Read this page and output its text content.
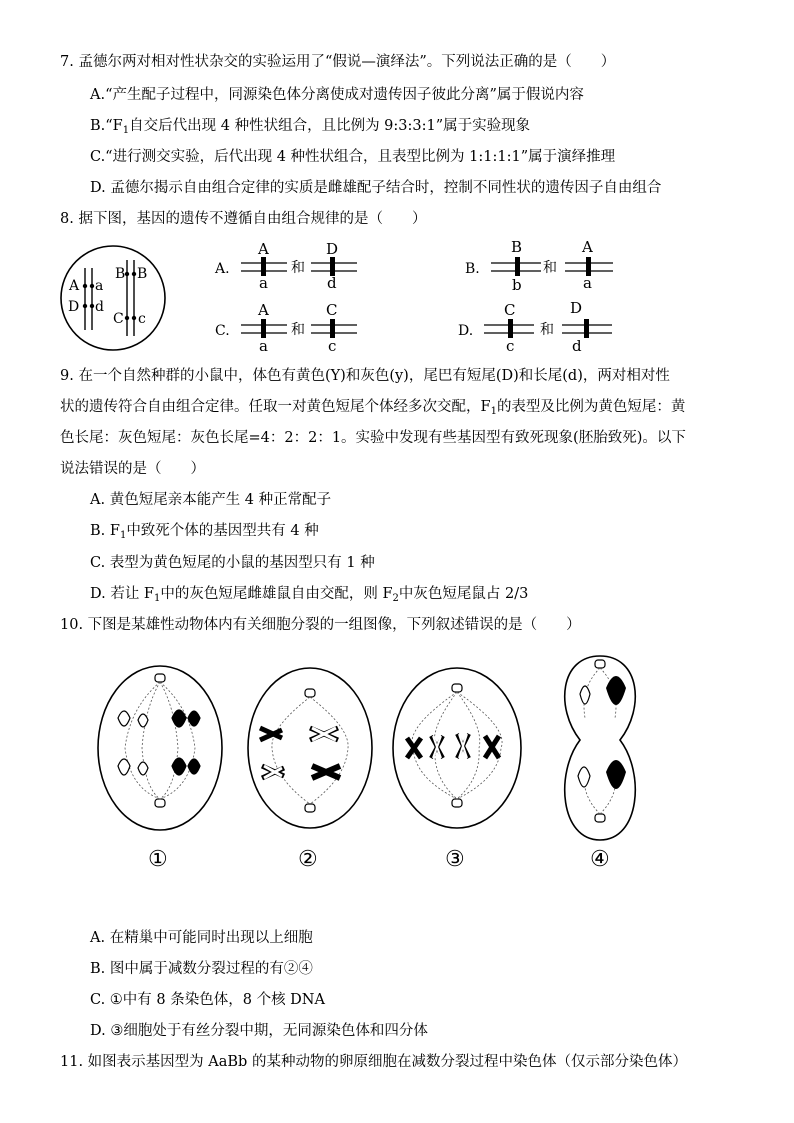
7. 孟德尔两对相对性状杂交的实验运用了“假说—演绎法”。下列说法正确的是（　　）
A.“产生配子过程中，同源染色体分离使成对遗传因子彼此分离”属于假说内容
$B.“F_1$自交后代出现 4 种性状组合，且比例为 9:3:3:1”属于实验现象
C.“进行测交实验，后代出现 4 种性状组合，且表型比例为 1:1:1:1”属于演绎推理
D. 孟德尔揭示自由组合定律的实质是雌雄配子结合时，控制不同性状的遗传因子自由组合
8. 据下图，基因的遗传不遵循自由组合规律的是（　　）
A a
D d
B B
C c
A.
A
a
和
D
d
B.
B
b
和
A
a
C.
A
a
和
C
c
D.
C
c
和
D
d
9. 在一个自然种群的小鼠中，体色有黄色(Y)和灰色(y)，尾巴有短尾(D)和长尾(d)，两对相对性
状的遗传符合自由组合定律。任取一对黄色短尾个体经多次交配，$F_1$的表型及比例为黄色短尾：黄
色长尾：灰色短尾：灰色长尾=4：2：2：1。实验中发现有些基因型有致死现象(胚胎致死)。以下
说法错误的是（　　）
A. 黄色短尾亲本能产生 4 种正常配子
B. $F_1$中致死个体的基因型共有 4 种
C. 表型为黄色短尾的小鼠的基因型只有 1 种
D. 若让 $F_1$中的灰色短尾雌雄鼠自由交配，则 $F_2$中灰色短尾鼠占 2/3
10. 下图是某雄性动物体内有关细胞分裂的一组图像，下列叙述错误的是（　　）
①	②	③	④
A. 在精巢中可能同时出现以上细胞
B. 图中属于减数分裂过程的有②④
C. ①中有 8 条染色体，8 个核 DNA
D. ③细胞处于有丝分裂中期，无同源染色体和四分体
11. 如图表示基因型为 AaBb 的某种动物的卵原细胞在减数分裂过程中染色体（仅示部分染色体）
